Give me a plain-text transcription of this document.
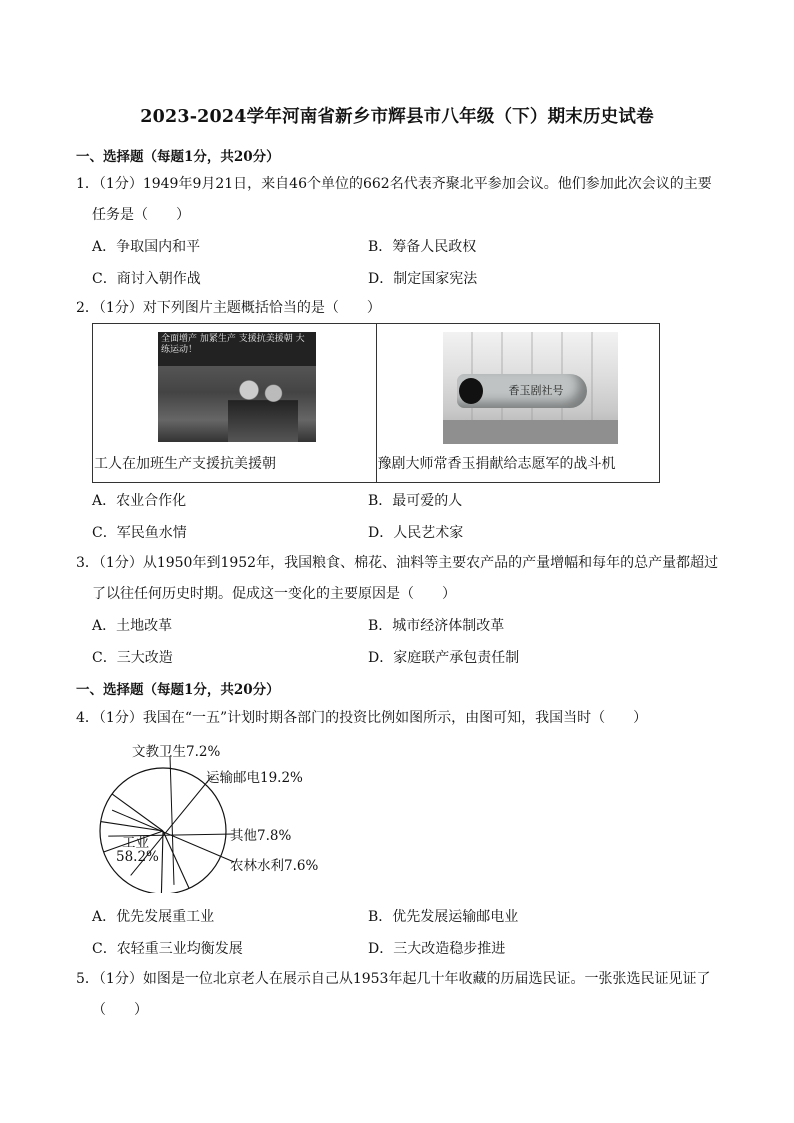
2023-2024学年河南省新乡市辉县市八年级（下）期末历史试卷
一、选择题（每题1分，共20分）
1．（1分）1949年9月21日，来自46个单位的662名代表齐聚北平参加会议。他们参加此次会议的主要
任务是（　　）
A．争取国内和平	B．筹备人民政权
C．商讨入朝作战	D．制定国家宪法
2．（1分）对下列图片主题概括恰当的是（　　）
全面增产 加紧生产 支援抗美援朝 大练运动！
工人在加班生产支援抗美援朝

香玉剧社号
豫剧大师常香玉捐献给志愿军的战斗机
A．农业合作化	B．最可爱的人
C．军民鱼水情	D．人民艺术家
3．（1分）从1950年到1952年，我国粮食、棉花、油料等主要农产品的产量增幅和每年的总产量都超过
了以往任何历史时期。促成这一变化的主要原因是（　　）
A．土地改革	B．城市经济体制改革
C．三大改造	D．家庭联产承包责任制
一、选择题（每题1分，共20分）
4．（1分）我国在“一五”计划时期各部门的投资比例如图所示，由图可知，我国当时（　　）
文教卫生7.2%
运输邮电19.2%
其他7.8%
农林水利7.6%
工业
58.2%
A．优先发展重工业	B．优先发展运输邮电业
C．农轻重三业均衡发展	D．三大改造稳步推进
5．（1分）如图是一位北京老人在展示自己从1953年起几十年收藏的历届选民证。一张张选民证见证了
（　　）
